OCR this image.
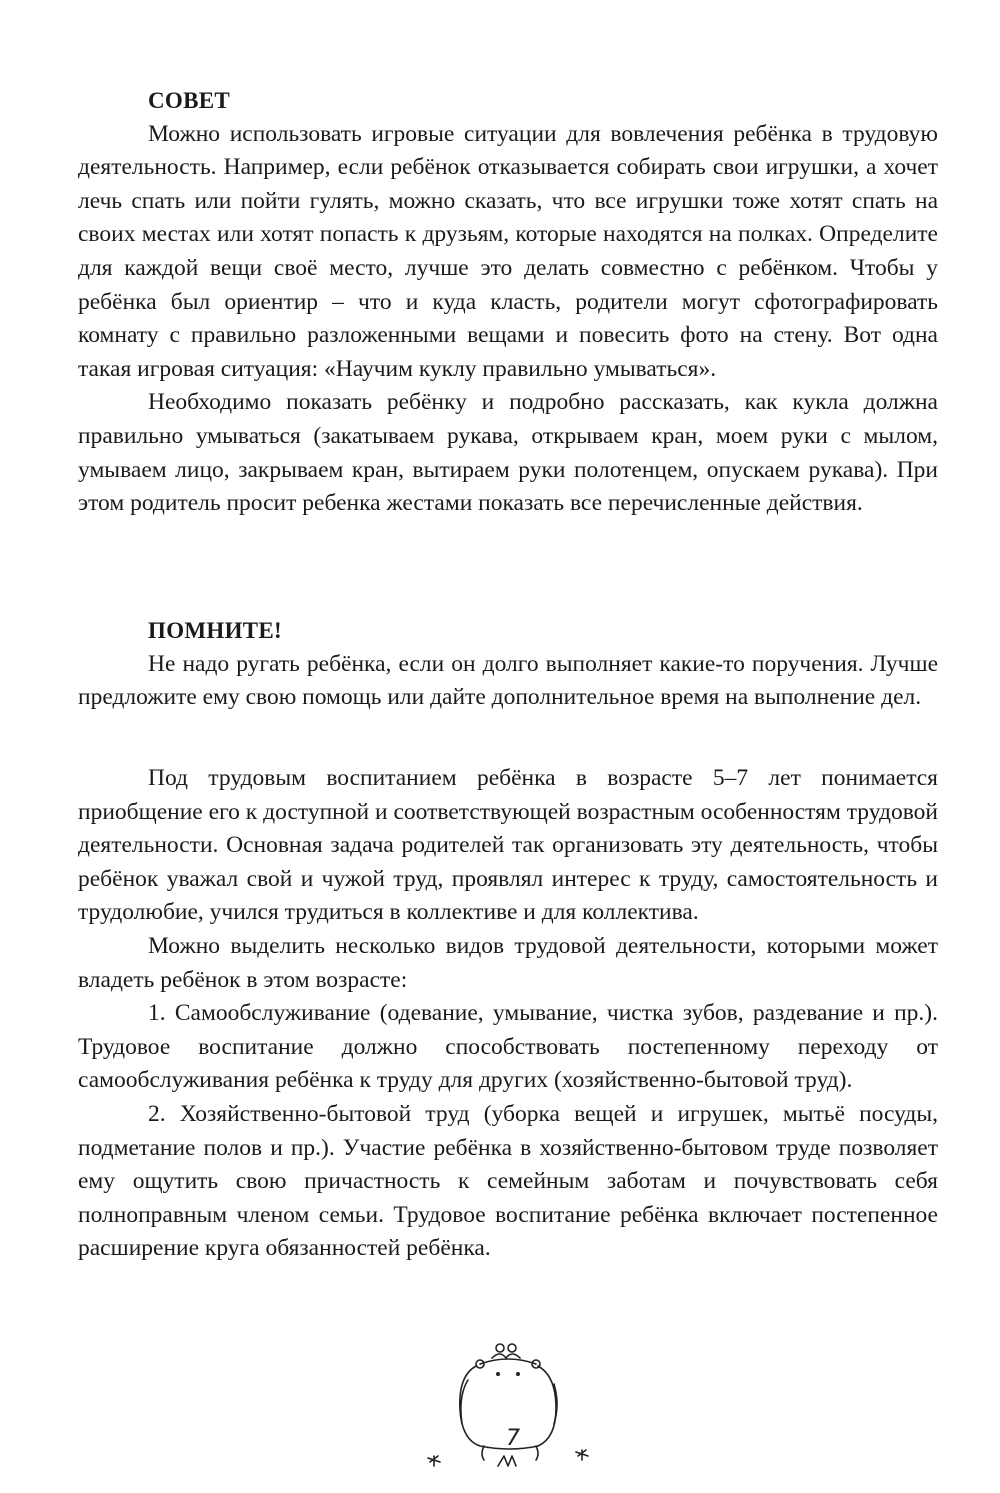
СОВЕТ

Можно использовать игровые ситуации для вовлечения ребёнка в трудовую деятельность. Например, если ребёнок отказывается собирать свои игрушки, а хочет лечь спать или пойти гулять, можно сказать, что все игрушки тоже хотят спать на своих местах или хотят попасть к друзьям, которые находятся на полках. Определите для каждой вещи своё место, лучше это делать совместно с ребёнком. Чтобы у ребёнка был ориентир – что и куда класть, родители могут сфотографировать комнату с правильно разложенными вещами и повесить фото на стену. Вот одна такая игровая ситуация: «Научим куклу правильно умываться».

Необходимо показать ребёнку и подробно рассказать, как кукла должна правильно умываться (закатываем рукава, открываем кран, моем руки с мылом, умываем лицо, закрываем кран, вытираем руки полотенцем, опускаем рукава). При этом родитель просит ребенка жестами показать все перечисленные действия.

ПОМНИТЕ!

Не надо ругать ребёнка, если он долго выполняет какие-то поручения. Лучше предложите ему свою помощь или дайте дополнительное время на выполнение дел.

Под трудовым воспитанием ребёнка в возрасте 5–7 лет понимается приобщение его к доступной и соответствующей возрастным особенностям трудовой деятельности. Основная задача родителей так организовать эту деятельность, чтобы ребёнок уважал свой и чужой труд, проявлял интерес к труду, самостоятельность и трудолюбие, учился трудиться в коллективе и для коллектива.

Можно выделить несколько видов трудовой деятельности, которыми может владеть ребёнок в этом возрасте:

1. Самообслуживание (одевание, умывание, чистка зубов, раздевание и пр.). Трудовое воспитание должно способствовать постепенному переходу от самообслуживания ребёнка к труду для других (хозяйственно-бытовой труд).

2. Хозяйственно-бытовой труд (уборка вещей и игрушек, мытьё посуды, подметание полов и пр.). Участие ребёнка в хозяйственно-бытовом труде позволяет ему ощутить свою причастность к семейным заботам и почувствовать себя полноправным членом семьи. Трудовое воспитание ребёнка включает постепенное расширение круга обязанностей ребёнка.

7
